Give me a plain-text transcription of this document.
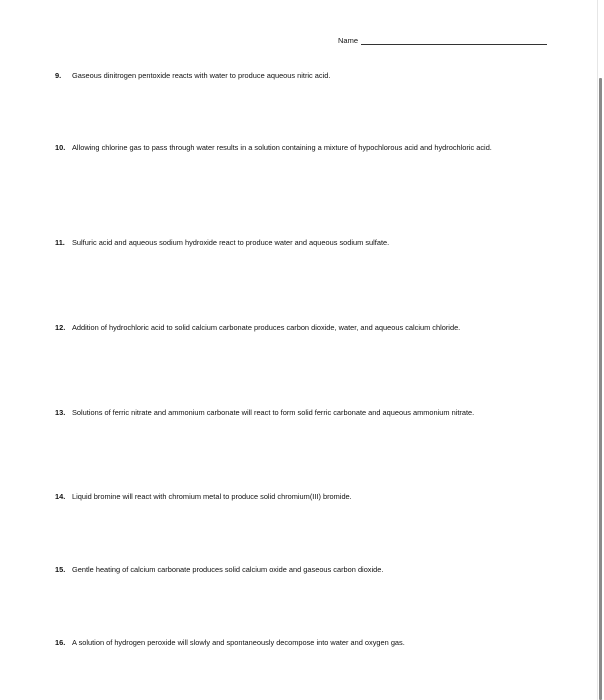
Name
9.	Gaseous dinitrogen pentoxide reacts with water to produce aqueous nitric acid.
10. Allowing chlorine gas to pass through water results in a solution containing a mixture of hypochlorous acid and hydrochloric acid.
11. Sulfuric acid and aqueous sodium hydroxide react to produce water and aqueous sodium sulfate.
12. Addition of hydrochloric acid to solid calcium carbonate produces carbon dioxide, water, and aqueous calcium chloride.
13. Solutions of ferric nitrate and ammonium carbonate will react to form solid ferric carbonate and aqueous ammonium nitrate.
14. Liquid bromine will react with chromium metal to produce solid chromium(III) bromide.
15. Gentle heating of calcium carbonate produces solid calcium oxide and gaseous carbon dioxide.
16. A solution of hydrogen peroxide will slowly and spontaneously decompose into water and oxygen gas.
